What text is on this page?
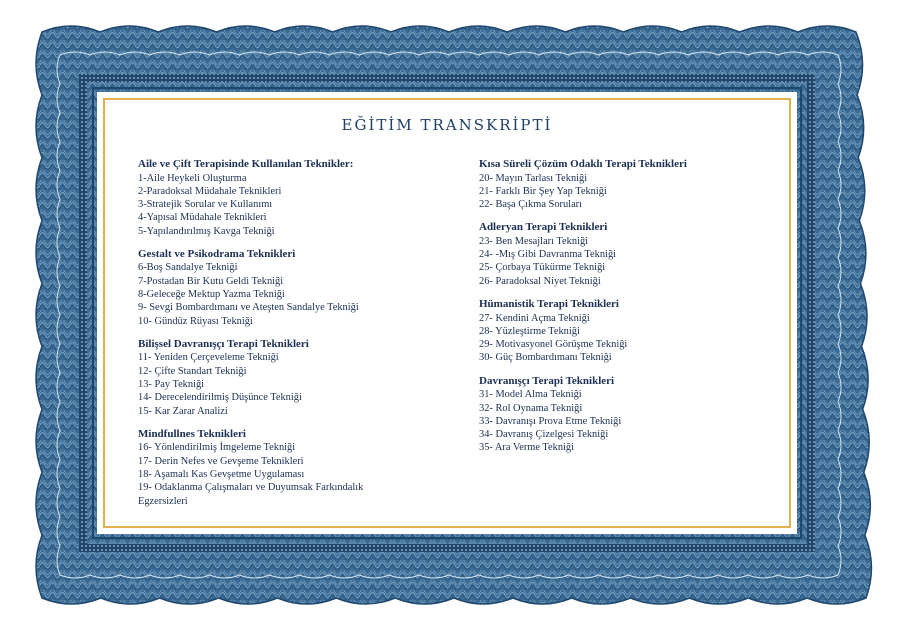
EĞİTİM TRANSKRİPTİ
Aile ve Çift Terapisinde Kullanılan Teknikler:
1-Aile Heykeli Oluşturma
2-Paradoksal Müdahale Teknikleri
3-Stratejik Sorular ve Kullanımı
4-Yapısal Müdahale Teknikleri
5-Yapılandırılmış Kavga Tekniği
Gestalt ve Psikodrama Teknikleri
6-Boş Sandalye Tekniği
7-Postadan Bir Kutu Geldi Tekniği
8-Geleceğe Mektup Yazma Tekniği
9- Sevgi Bombardımanı ve Ateşten Sandalye Tekniği
10- Gündüz Rüyası Tekniği
Bilişsel Davranışçı Terapi Teknikleri
11- Yeniden Çerçeveleme Tekniği
12- Çifte Standart Tekniği
13- Pay Tekniği
14- Derecelendirilmiş Düşünce Tekniği
15- Kar Zarar Analizi
Mindfullnes Teknikleri
16- Yönlendirilmiş İmgeleme Tekniği
17- Derin Nefes ve Gevşeme Teknikleri
18- Aşamalı Kas Gevşetme Uygulaması
19- Odaklanma Çalışmaları ve Duyumsak Farkındalık
Egzersizleri
Kısa Süreli Çözüm Odaklı Terapi Teknikleri
20- Mayın Tarlası Tekniği
21- Farklı Bir Şey Yap Tekniği
22- Başa Çıkma Soruları
Adleryan Terapi Teknikleri
23- Ben Mesajları Tekniği
24- -Mış Gibi Davranma Tekniği
25- Çorbaya Tükürme Tekniği
26- Paradoksal Niyet Tekniği
Hümanistik Terapi Teknikleri
27- Kendini Açma Tekniği
28- Yüzleştirme Tekniği
29- Motivasyonel Görüşme Tekniği
30- Güç Bombardımanı Tekniği
Davranışçı Terapi Teknikleri
31- Model Alma Tekniği
32- Rol Oynama Tekniği
33- Davranışı Prova Etme Tekniği
34- Davranış Çizelgesi Tekniği
35- Ara Verme Tekniği
